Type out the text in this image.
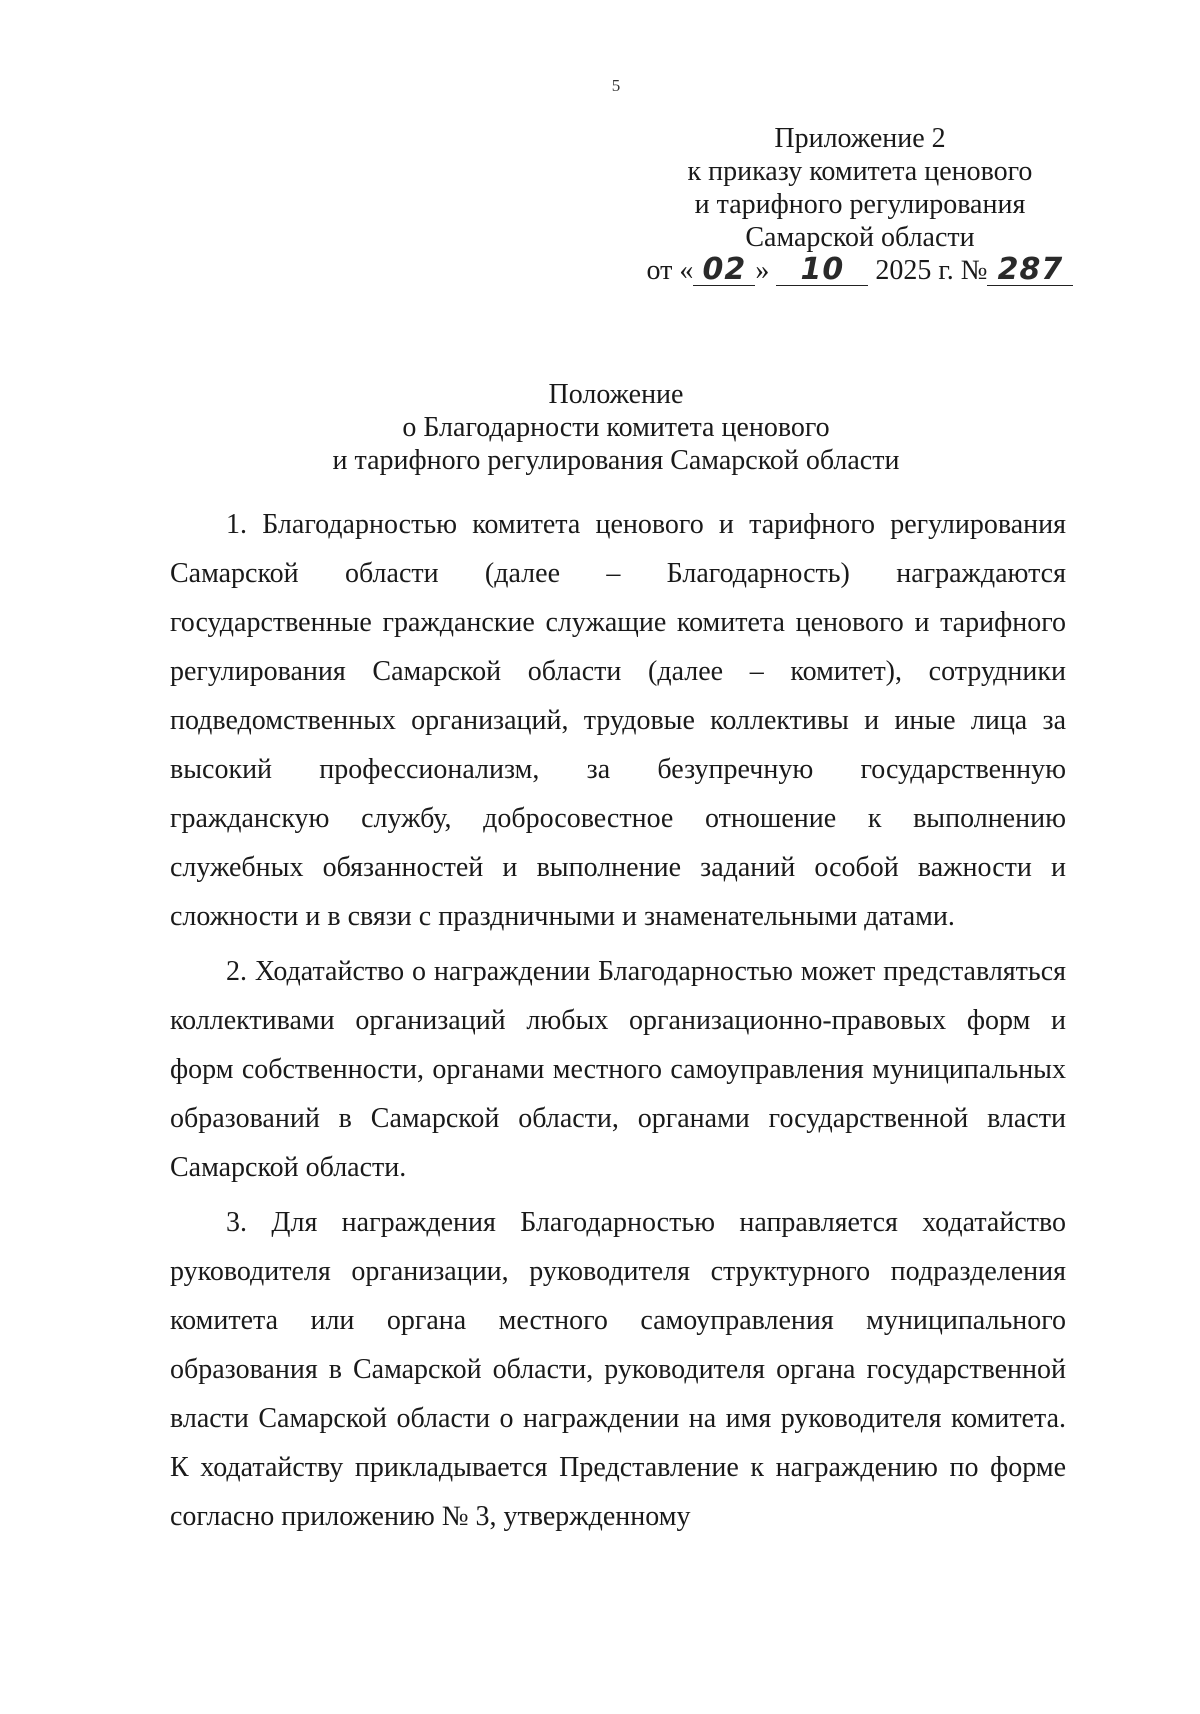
5
Приложение 2
к приказу комитета ценового
и тарифного регулирования
Самарской области
от « 02 » 10 2025 г. № 287
Положение
о Благодарности комитета ценового
и тарифного регулирования Самарской области

1. Благодарностью комитета ценового и тарифного регулирования Самарской области (далее – Благодарность) награждаются государственные гражданские служащие комитета ценового и тарифного регулирования Самарской области (далее – комитет), сотрудники подведомственных организаций, трудовые коллективы и иные лица за высокий профессионализм, за безупречную государственную гражданскую службу, добросовестное отношение к выполнению служебных обязанностей и выполнение заданий особой важности и сложности и в связи с праздничными и знаменательными датами.

2. Ходатайство о награждении Благодарностью может представляться коллективами организаций любых организационно-правовых форм и форм собственности, органами местного самоуправления муниципальных образований в Самарской области, органами государственной власти Самарской области.

3. Для награждения Благодарностью направляется ходатайство руководителя организации, руководителя структурного подразделения комитета или органа местного самоуправления муниципального образования в Самарской области, руководителя органа государственной власти Самарской области о награждении на имя руководителя комитета. К ходатайству прикладывается Представление к награждению по форме согласно приложению № 3, утвержденному
